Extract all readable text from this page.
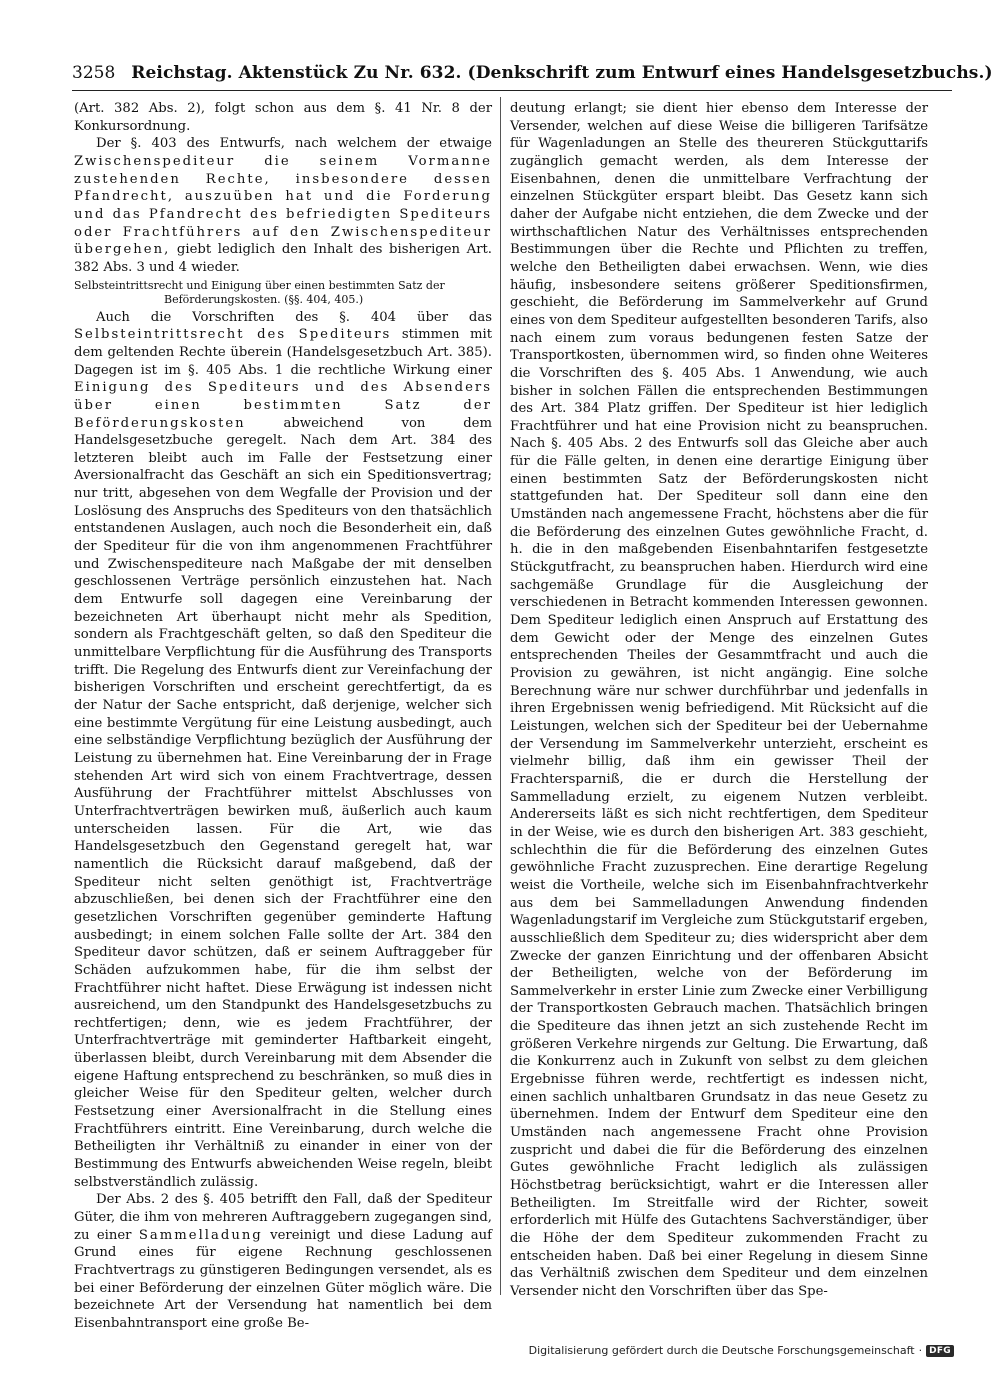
3258 Reichstag. Aktenstück Zu Nr. 632. (Denkschrift zum Entwurf eines Handelsgesetzbuchs.)

(Art. 382 Abs. 2), folgt schon aus dem §. 41 Nr. 8 der Konkursordnung.

Der §. 403 des Entwurfs, nach welchem der etwaige Zwischenspediteur die seinem Vormanne zustehenden Rechte, insbesondere dessen Pfandrecht, auszuüben hat und die Forderung und das Pfandrecht des befriedigten Spediteurs oder Frachtführers auf den Zwischenspediteur übergehen, giebt lediglich den Inhalt des bisherigen Art. 382 Abs. 3 und 4 wieder.

Selbsteintrittsrecht und Einigung über einen bestimmten Satz der
Beförderungskosten. (§§. 404, 405.)

Auch die Vorschriften des §. 404 über das Selbsteintrittsrecht des Spediteurs stimmen mit dem geltenden Rechte überein (Handelsgesetzbuch Art. 385). Dagegen ist im §. 405 Abs. 1 die rechtliche Wirkung einer Einigung des Spediteurs und des Absenders über einen bestimmten Satz der Beförderungskosten	abweichend von dem Handelsgesetzbuche geregelt. Nach dem Art. 384 des letzteren bleibt auch im Falle der Festsetzung einer Aversionalfracht das Geschäft an sich ein Speditionsvertrag; nur tritt, abgesehen von dem Wegfalle der Provision und der Loslösung des Anspruchs des Spediteurs von den thatsächlich entstandenen Auslagen, auch noch die Besonderheit ein, daß der Spediteur für die von ihm angenommenen Frachtführer und Zwischenspediteure nach Maßgabe der mit denselben geschlossenen Verträge persönlich einzustehen hat. Nach dem Entwurfe soll dagegen eine Vereinbarung der bezeichneten Art überhaupt nicht mehr als Spedition, sondern als Frachtgeschäft gelten, so daß den Spediteur die unmittelbare Verpflichtung für die Ausführung des Transports trifft. Die Regelung des Entwurfs dient zur Vereinfachung der bisherigen Vorschriften und erscheint gerechtfertigt, da es der Natur der Sache entspricht, daß derjenige, welcher sich eine bestimmte Vergütung für eine Leistung ausbedingt, auch eine selbständige Verpflichtung bezüglich der Ausführung der Leistung zu übernehmen hat. Eine Vereinbarung der in Frage stehenden Art wird sich von einem Frachtvertrage, dessen Ausführung der Frachtführer mittelst Abschlusses von Unterfrachtverträgen bewirken muß, äußerlich auch kaum unterscheiden lassen. Für die Art, wie das Handelsgesetzbuch den Gegenstand geregelt hat, war namentlich die Rücksicht darauf maßgebend, daß der Spediteur nicht selten genöthigt ist, Frachtverträge abzuschließen, bei denen sich der Frachtführer eine den gesetzlichen Vorschriften gegenüber geminderte Haftung ausbedingt; in einem solchen Falle sollte der Art. 384 den Spediteur davor schützen, daß er seinem Auftraggeber für Schäden aufzukommen habe, für die ihm selbst der Frachtführer nicht haftet. Diese Erwägung ist indessen nicht ausreichend, um den Standpunkt des Handelsgesetzbuchs zu rechtfertigen; denn, wie es jedem Frachtführer, der Unterfrachtverträge mit geminderter Haftbarkeit eingeht, überlassen bleibt, durch Vereinbarung mit dem Absender die eigene Haftung entsprechend zu beschränken, so muß dies in gleicher Weise für den Spediteur gelten, welcher durch Festsetzung einer Aversionalfracht in die Stellung eines Frachtführers eintritt. Eine Vereinbarung, durch welche die Betheiligten ihr Verhältniß zu einander in einer von der Bestimmung des Entwurfs abweichenden Weise regeln, bleibt selbstverständlich zulässig.

Der Abs. 2 des §. 405 betrifft den Fall, daß der Spediteur Güter, die ihm von mehreren Auftraggebern zugegangen sind, zu einer Sammelladung vereinigt und diese Ladung auf Grund eines für eigene Rechnung geschlossenen Frachtvertrags zu günstigeren Bedingungen versendet, als es bei einer Beförderung der einzelnen Güter möglich wäre. Die bezeichnete Art der Versendung hat namentlich bei dem Eisenbahntransport eine große Be-

deutung erlangt; sie dient hier ebenso dem Interesse der Versender, welchen auf diese Weise die billigeren Tarifsätze für Wagenladungen an Stelle des theureren Stückguttarifs zugänglich gemacht werden, als dem Interesse der Eisenbahnen, denen die unmittelbare Verfrachtung der einzelnen Stückgüter erspart bleibt. Das Gesetz kann sich daher der Aufgabe nicht entziehen, die dem Zwecke und der wirthschaftlichen Natur des Verhältnisses entsprechenden Bestimmungen über die Rechte und Pflichten zu treffen, welche den Betheiligten dabei erwachsen. Wenn, wie dies häufig, insbesondere seitens größerer Speditionsfirmen, geschieht, die Beförderung im Sammelverkehr auf Grund eines von dem Spediteur aufgestellten besonderen Tarifs, also nach einem zum voraus bedungenen festen Satze der Transportkosten, übernommen wird, so finden ohne Weiteres die Vorschriften des §. 405 Abs. 1 Anwendung, wie auch bisher in solchen Fällen die entsprechenden Bestimmungen des Art. 384 Platz griffen. Der Spediteur ist hier lediglich Frachtführer und hat eine Provision nicht zu beanspruchen. Nach §. 405 Abs. 2 des Entwurfs soll das Gleiche aber auch für die Fälle gelten, in denen eine derartige Einigung über einen bestimmten Satz der Beförderungskosten nicht stattgefunden hat. Der Spediteur soll dann eine den Umständen nach angemessene Fracht, höchstens aber die für die Beförderung des einzelnen Gutes gewöhnliche Fracht, d. h. die in den maßgebenden Eisenbahntarifen festgesetzte Stückgutfracht, zu beanspruchen haben. Hierdurch wird eine sachgemäße Grundlage für die Ausgleichung der verschiedenen in Betracht kommenden Interessen gewonnen. Dem Spediteur lediglich einen Anspruch auf Erstattung des dem Gewicht oder der Menge des einzelnen Gutes entsprechenden Theiles der Gesammtfracht und auch die Provision zu gewähren, ist nicht angängig. Eine solche Berechnung wäre nur schwer durchführbar und jedenfalls in ihren Ergebnissen wenig befriedigend. Mit Rücksicht auf die Leistungen, welchen sich der Spediteur bei der Uebernahme der Versendung im Sammelverkehr unterzieht, erscheint es vielmehr billig, daß ihm ein gewisser Theil der Frachtersparniß, die er durch die Herstellung der Sammelladung erzielt, zu eigenem Nutzen verbleibt. Andererseits läßt es sich nicht rechtfertigen, dem Spediteur in der Weise, wie es durch den bisherigen Art. 383 geschieht, schlechthin die für die Beförderung des einzelnen Gutes gewöhnliche Fracht zuzusprechen. Eine derartige Regelung weist die Vortheile, welche sich im Eisenbahnfrachtverkehr aus dem bei Sammelladungen Anwendung findenden Wagenladungstarif im Vergleiche zum Stückgutstarif ergeben, ausschließlich dem Spediteur zu; dies widerspricht aber dem Zwecke der ganzen Einrichtung und der offenbaren Absicht der Betheiligten, welche von der Beförderung im Sammelverkehr in erster Linie zum Zwecke einer Verbilligung der Transportkosten Gebrauch machen. Thatsächlich bringen die Spediteure das ihnen jetzt an sich zustehende Recht im größeren Verkehre nirgends zur Geltung. Die Erwartung, daß die Konkurrenz auch in Zukunft von selbst zu dem gleichen Ergebnisse führen werde, rechtfertigt es indessen nicht, einen sachlich unhaltbaren Grundsatz in das neue Gesetz zu übernehmen. Indem der Entwurf dem Spediteur eine den Umständen nach angemessene Fracht ohne Provision zuspricht und dabei die für die Beförderung des einzelnen Gutes gewöhnliche Fracht lediglich als zulässigen Höchstbetrag berücksichtigt, wahrt er die Interessen aller Betheiligten. Im Streitfalle wird der Richter, soweit erforderlich mit Hülfe des Gutachtens Sachverständiger, über die Höhe der dem Spediteur zukommenden Fracht zu entscheiden haben. Daß bei einer Regelung in diesem Sinne das Verhältniß zwischen dem Spediteur und dem einzelnen Versender nicht den Vorschriften über das Spe-

Digitalisierung gefördert durch die Deutsche Forschungsgemeinschaft · DFG
